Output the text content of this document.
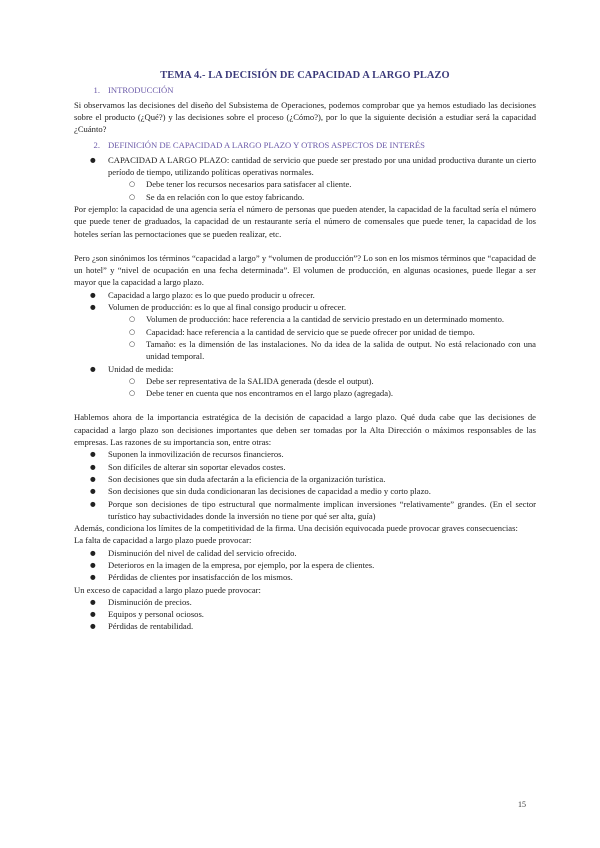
TEMA 4.- LA DECISIÓN DE CAPACIDAD A LARGO PLAZO
1. INTRODUCCIÓN

Si observamos las decisiones del diseño del Subsistema de Operaciones, podemos comprobar que ya hemos estudiado las decisiones sobre el producto (¿Qué?) y las decisiones sobre el proceso (¿Cómo?), por lo que la siguiente decisión a estudiar será la capacidad ¿Cuánto?

2. DEFINICIÓN DE CAPACIDAD A LARGO PLAZO Y OTROS ASPECTOS DE INTERÉS
● CAPACIDAD A LARGO PLAZO: cantidad de servicio que puede ser prestado por una unidad productiva durante un cierto período de tiempo, utilizando políticas operativas normales.
○ Debe tener los recursos necesarios para satisfacer al cliente.
○ Se da en relación con lo que estoy fabricando.

Por ejemplo: la capacidad de una agencia sería el número de personas que pueden atender, la capacidad de la facultad sería el número que puede tener de graduados, la capacidad de un restaurante sería el número de comensales que puede tener, la capacidad de los hoteles serían las pernoctaciones que se pueden realizar, etc.

Pero ¿son sinónimos los términos “capacidad a largo” y “volumen de producción”? Lo son en los mismos términos que “capacidad de un hotel” y “nivel de ocupación en una fecha determinada”. El volumen de producción, en algunas ocasiones, puede llegar a ser mayor que la capacidad a largo plazo.

● Capacidad a largo plazo: es lo que puedo producir u ofrecer.
● Volumen de producción: es lo que al final consigo producir u ofrecer.
○ Volumen de producción: hace referencia a la cantidad de servicio prestado en un determinado momento.
○ Capacidad: hace referencia a la cantidad de servicio que se puede ofrecer por unidad de tiempo.
○ Tamaño: es la dimensión de las instalaciones. No da idea de la salida de output. No está relacionado con una unidad temporal.
● Unidad de medida:
○ Debe ser representativa de la SALIDA generada (desde el output).
○ Debe tener en cuenta que nos encontramos en el largo plazo (agregada).

Hablemos ahora de la importancia estratégica de la decisión de capacidad a largo plazo. Qué duda cabe que las decisiones de capacidad a largo plazo son decisiones importantes que deben ser tomadas por la Alta Dirección o máximos responsables de las empresas. Las razones de su importancia son, entre otras:

● Suponen la inmovilización de recursos financieros.
● Son difíciles de alterar sin soportar elevados costes.
● Son decisiones que sin duda afectarán a la eficiencia de la organización turística.
● Son decisiones que sin duda condicionaran las decisiones de capacidad a medio y corto plazo.
● Porque son decisiones de tipo estructural que normalmente implican inversiones “relativamente” grandes. (En el sector turístico hay subactividades donde la inversión no tiene por qué ser alta, guía)

Además, condiciona los límites de la competitividad de la firma. Una decisión equivocada puede provocar graves consecuencias:

La falta de capacidad a largo plazo puede provocar:

● Disminución del nivel de calidad del servicio ofrecido.
● Deterioros en la imagen de la empresa, por ejemplo, por la espera de clientes.
● Pérdidas de clientes por insatisfacción de los mismos.

Un exceso de capacidad a largo plazo puede provocar:

● Disminución de precios.
● Equipos y personal ociosos.
● Pérdidas de rentabilidad.
15
